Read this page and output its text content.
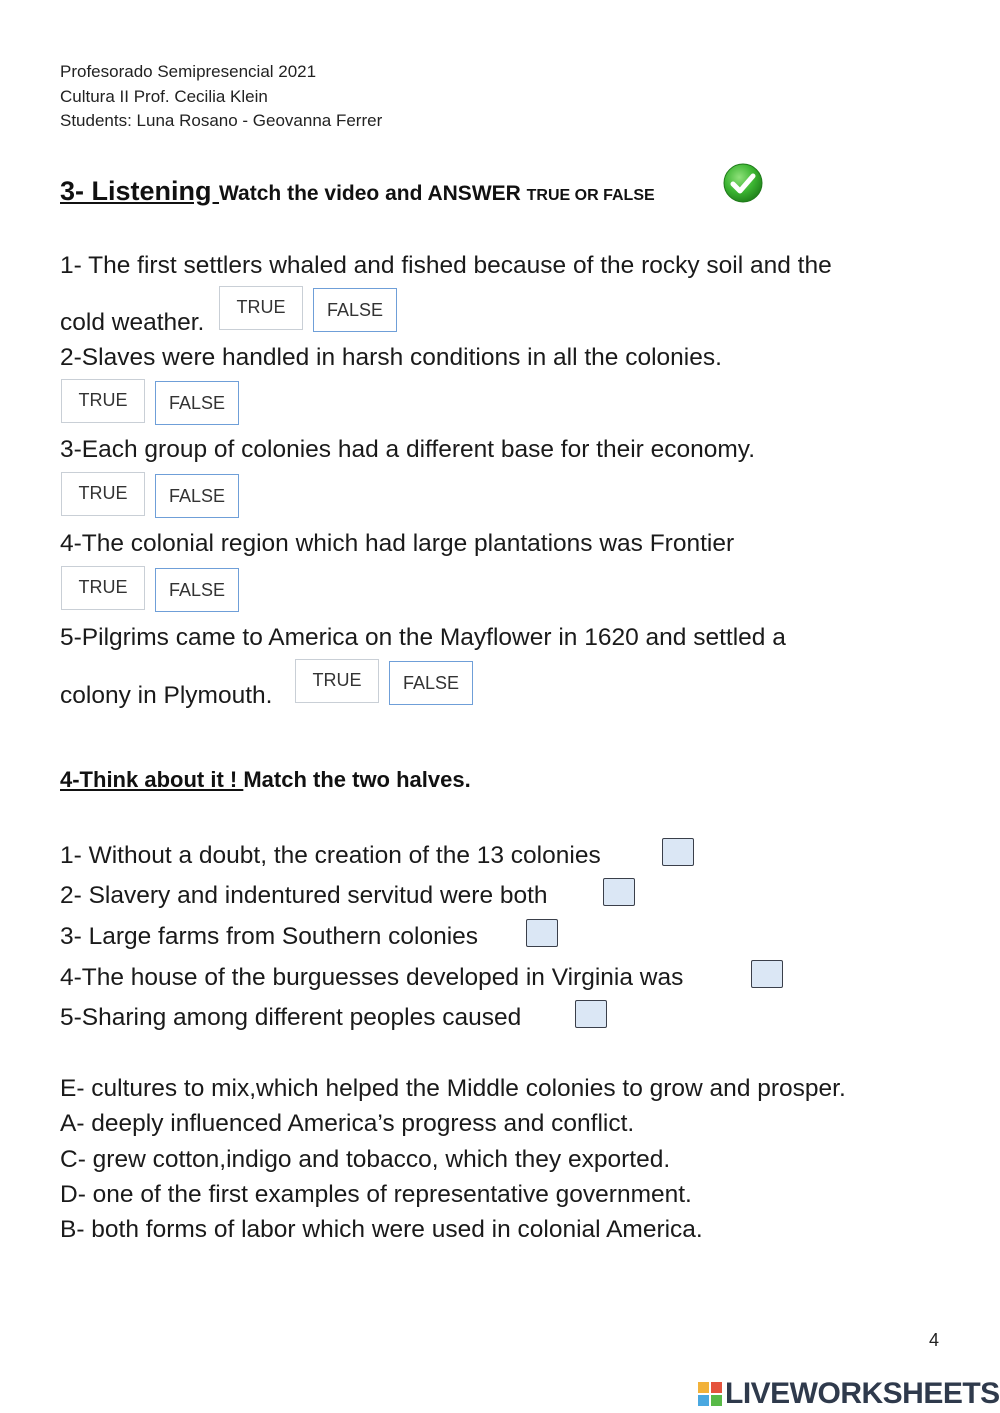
Profesorado Semipresencial 2021
Cultura II Prof. Cecilia Klein
Students: Luna Rosano - Geovanna Ferrer
3- Listening Watch the video and ANSWER TRUE OR FALSE
1- The first settlers whaled and fished because of the rocky soil and the
cold weather.
TRUE	FALSE
2-Slaves were handled in harsh conditions in all the colonies.
TRUE	FALSE
3-Each group of colonies had a different base for their economy.
TRUE	FALSE
4-The colonial region which had large plantations was Frontier
TRUE	FALSE
5-Pilgrims came to America on the Mayflower in 1620 and settled a
colony in Plymouth.
TRUE	FALSE
4-Think about it ! Match the two halves.
1- Without a doubt, the creation of the 13 colonies
2- Slavery and indentured servitud were both
3- Large farms from Southern colonies
4-The house of the burguesses developed in Virginia was
5-Sharing among different peoples caused
E- cultures to mix,which helped the Middle colonies to grow and prosper.
A- deeply influenced America’s progress and conflict.
C- grew cotton,indigo and tobacco, which they exported.
D- one of the first examples of representative government.
B- both forms of labor which were used in colonial America.
4
LIVEWORKSHEETS
